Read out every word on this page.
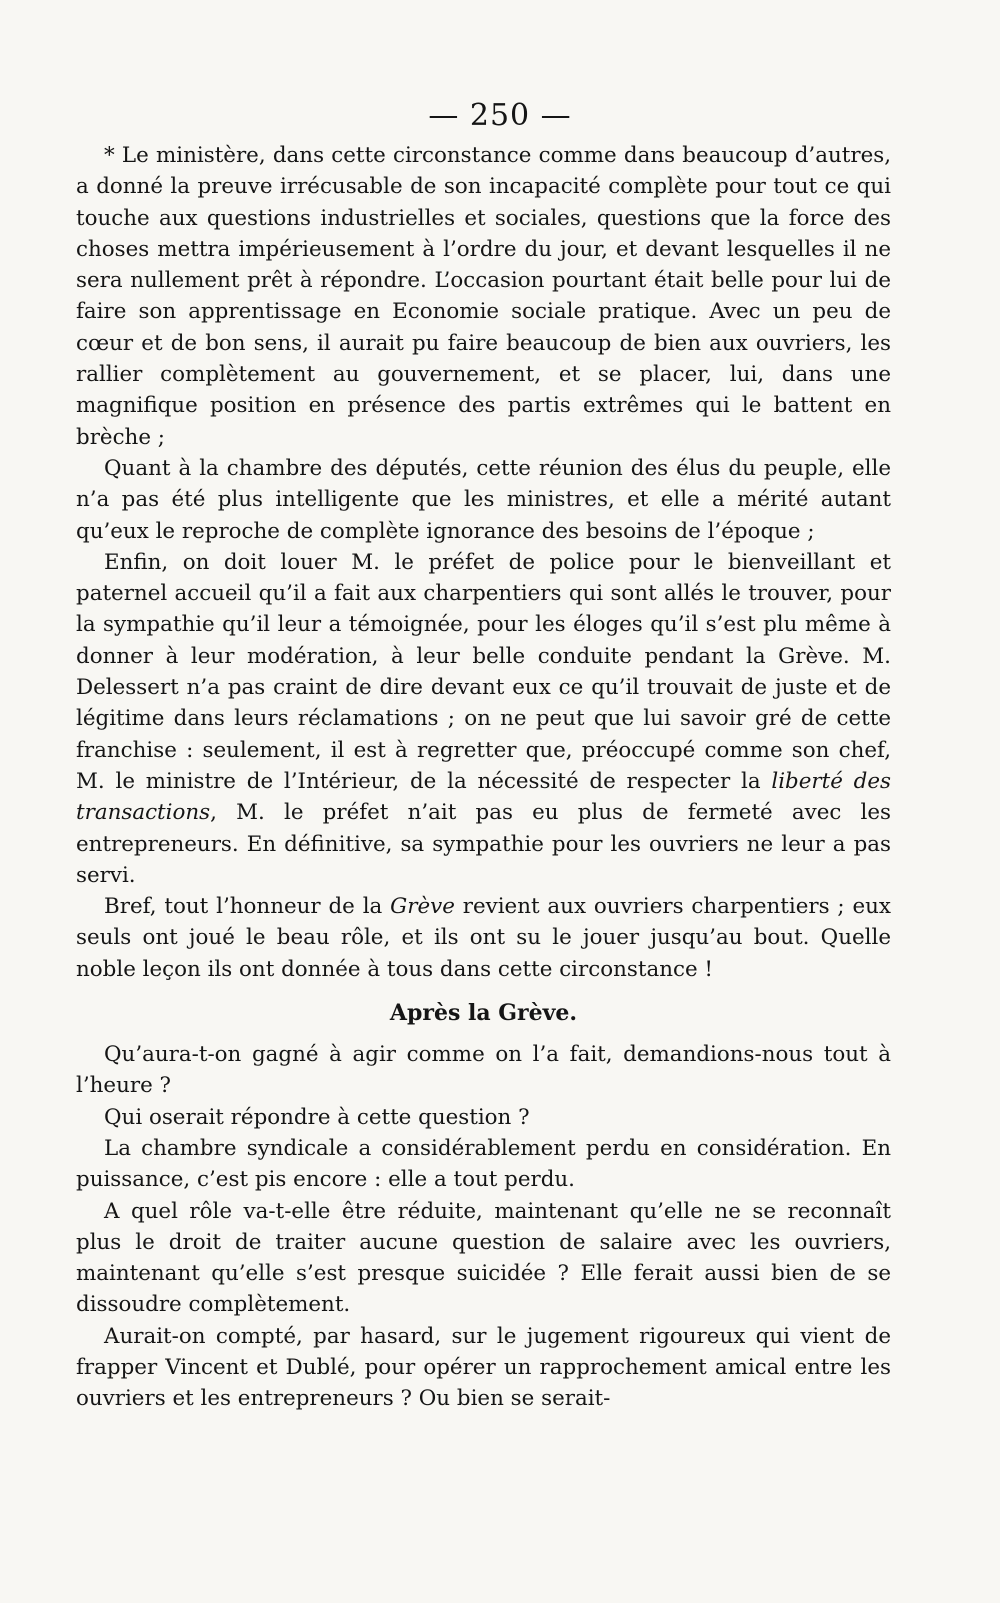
— 250 —

* Le ministère, dans cette circonstance comme dans beaucoup d’autres, a donné la preuve irrécusable de son incapacité complète pour tout ce qui touche aux questions industrielles et sociales, questions que la force des choses mettra impérieusement à l’ordre du jour, et devant lesquelles il ne sera nullement prêt à répondre. L’occasion pourtant était belle pour lui de faire son apprentissage en Economie sociale pratique. Avec un peu de cœur et de bon sens, il aurait pu faire beaucoup de bien aux ouvriers, les rallier complètement au gouvernement, et se placer, lui, dans une magnifique position en présence des partis extrêmes qui le battent en brèche ;

Quant à la chambre des députés, cette réunion des élus du peuple, elle n’a pas été plus intelligente que les ministres, et elle a mérité autant qu’eux le reproche de complète ignorance des besoins de l’époque ;

Enfin, on doit louer M. le préfet de police pour le bienveillant et paternel accueil qu’il a fait aux charpentiers qui sont allés le trouver, pour la sympathie qu’il leur a témoignée, pour les éloges qu’il s’est plu même à donner à leur modération, à leur belle conduite pendant la Grève. M. Delessert n’a pas craint de dire devant eux ce qu’il trouvait de juste et de légitime dans leurs réclamations ; on ne peut que lui savoir gré de cette franchise : seulement, il est à regretter que, préoccupé comme son chef, M. le ministre de l’Intérieur, de la nécessité de respecter la liberté des transactions, M. le préfet n’ait pas eu plus de fermeté avec les entrepreneurs. En définitive, sa sympathie pour les ouvriers ne leur a pas servi.

Bref, tout l’honneur de la Grève revient aux ouvriers charpentiers ; eux seuls ont joué le beau rôle, et ils ont su le jouer jusqu’au bout. Quelle noble leçon ils ont donnée à tous dans cette circonstance !

Après la Grève.

Qu’aura-t-on gagné à agir comme on l’a fait, demandions-nous tout à l’heure ?

Qui oserait répondre à cette question ?

La chambre syndicale a considérablement perdu en considération. En puissance, c’est pis encore : elle a tout perdu.

A quel rôle va-t-elle être réduite, maintenant qu’elle ne se reconnaît plus le droit de traiter aucune question de salaire avec les ouvriers, maintenant qu’elle s’est presque suicidée ? Elle ferait aussi bien de se dissoudre complètement.

Aurait-on compté, par hasard, sur le jugement rigoureux qui vient de frapper Vincent et Dublé, pour opérer un rapprochement amical entre les ouvriers et les entrepreneurs ? Ou bien se serait-
